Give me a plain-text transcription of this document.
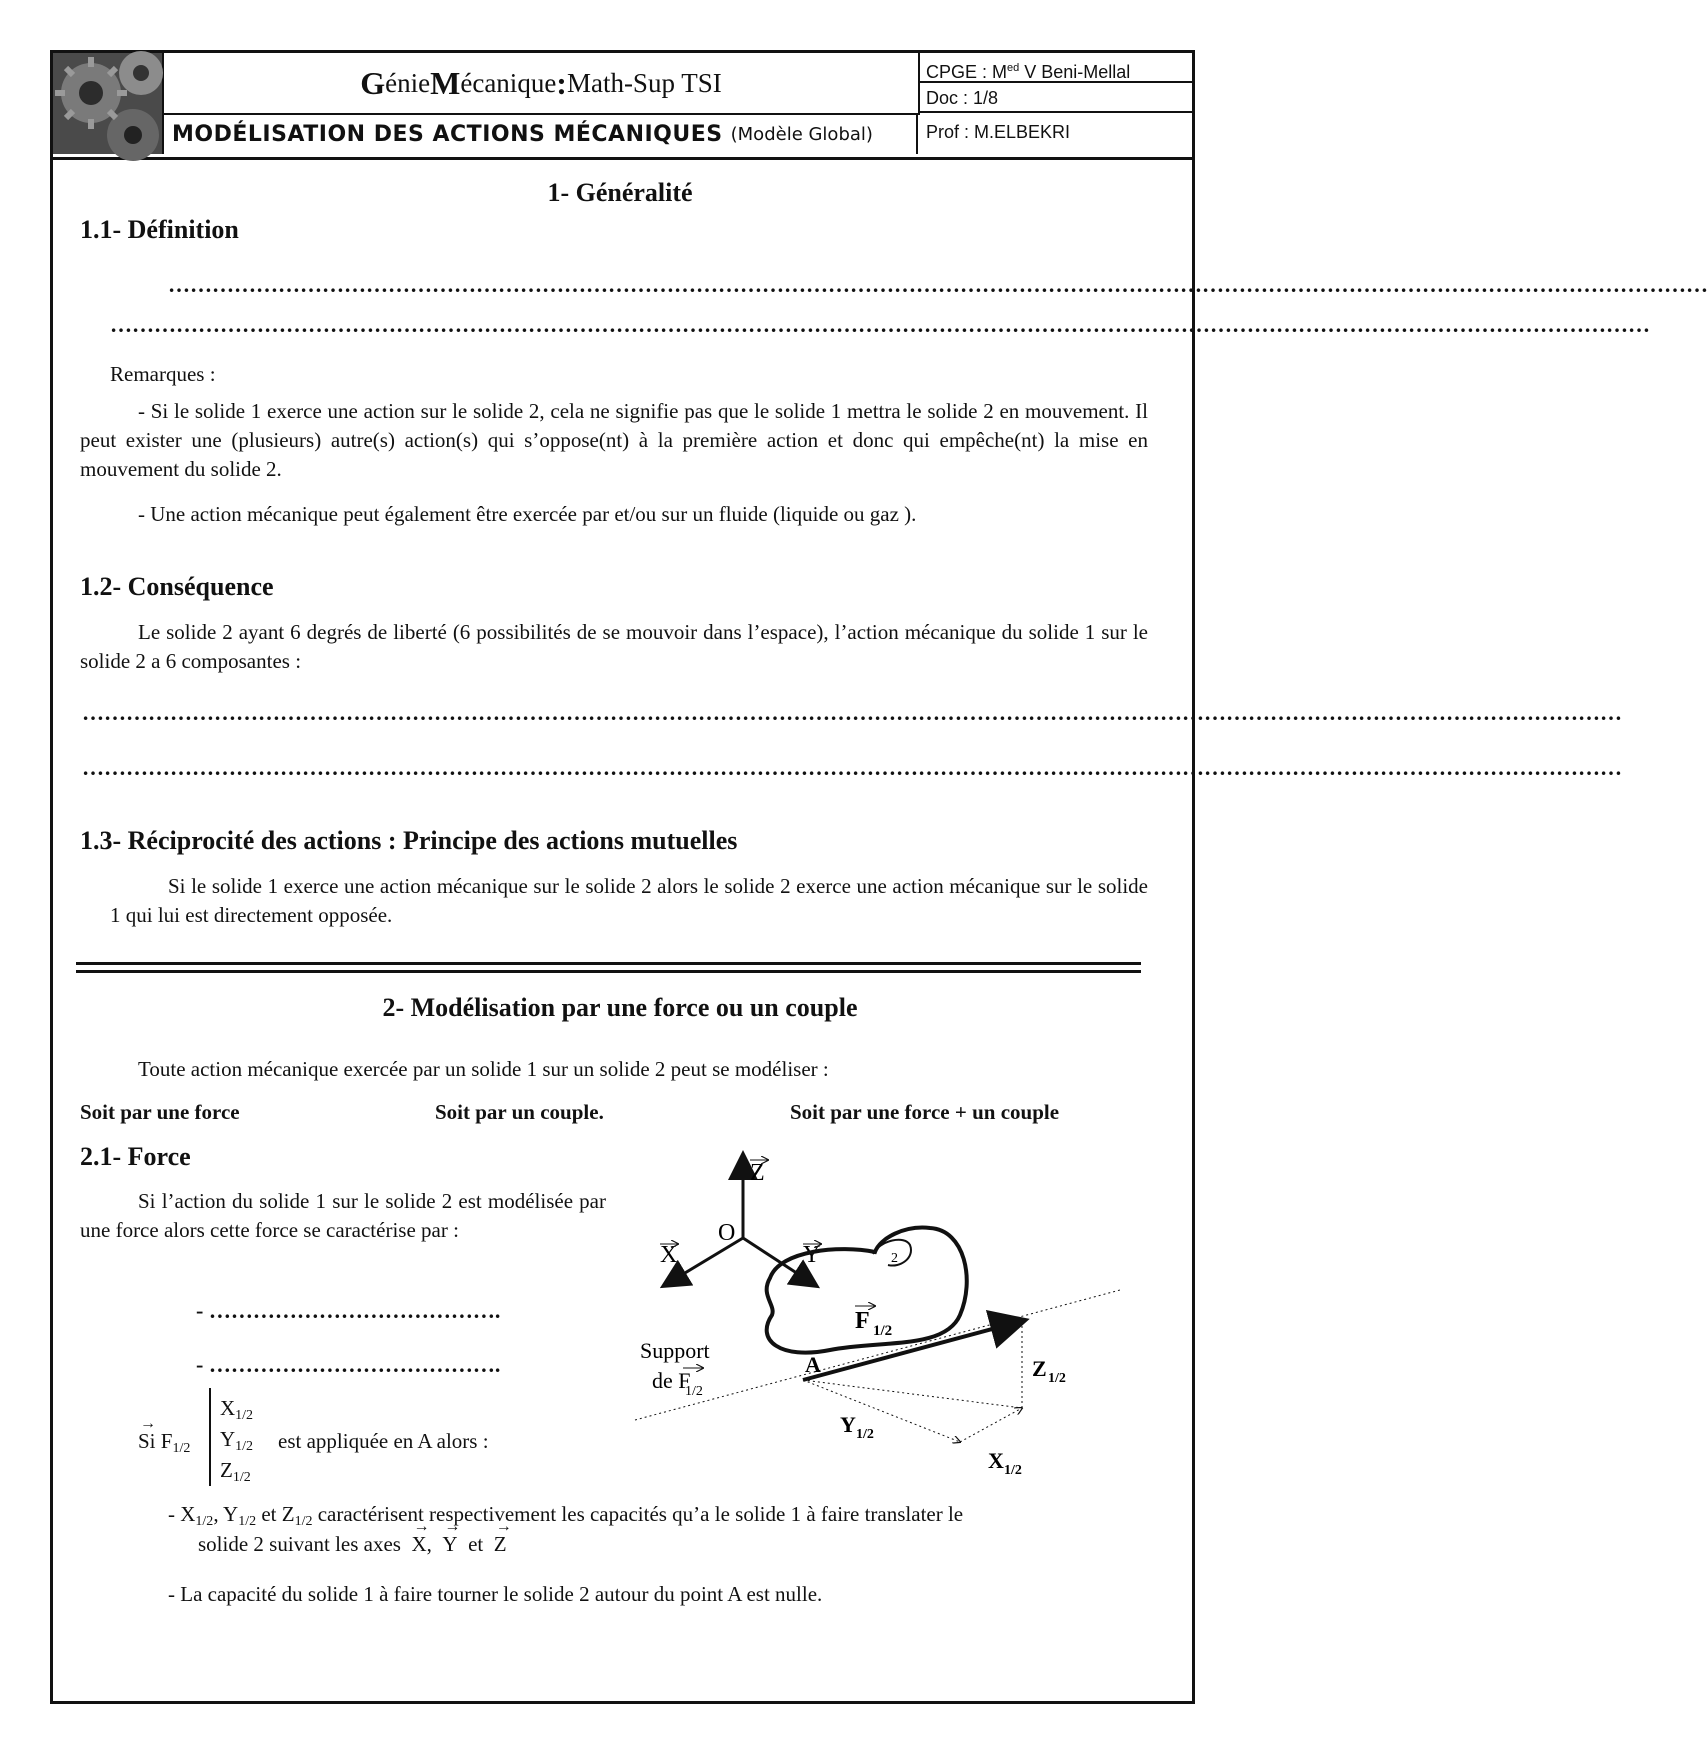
G énie M écanique : Math-Sup TSI
MODÉLISATION DES ACTIONS MÉCANIQUES (Modèle Global)
CPGE : $M^{ed}$ V Beni-Mellal
Doc : 1/8
Prof : M.ELBEKRI
1- Généralité
1.1- Définition
…………………………………………………………………………………………………………………………………………………………………………………………
…………………………………………………………………………………………………………………………………………………………………………………………
Remarques :
- Si le solide 1 exerce une action sur le solide 2, cela ne signifie pas que le solide 1 mettra le solide 2 en mouvement. Il peut exister une (plusieurs) autre(s) action(s) qui s’oppose(nt) à la première action et donc qui empêche(nt) la mise en mouvement du solide 2.
- Une action mécanique peut également être exercée par et/ou sur un fluide (liquide ou gaz ).
1.2- Conséquence
Le solide 2 ayant 6 degrés de liberté (6 possibilités de se mouvoir dans l’espace), l’action mécanique du solide 1 sur le solide 2 a 6 composantes :
…………………………………………………………………………………………………………………………………………………………………………………………
…………………………………………………………………………………………………………………………………………………………………………………………
1.3- Réciprocité des actions : Principe des actions mutuelles
Si le solide 1 exerce une action mécanique sur le solide 2 alors le solide 2 exerce une action mécanique sur le solide 1 qui lui est directement opposée.
2- Modélisation par une force ou un couple
Toute action mécanique exercée par un solide 1 sur un solide 2 peut se modéliser :
Soit par une force	Soit par un couple.	Soit par une force + un couple
2.1- Force
Si l’action du solide 1 sur le solide 2 est modélisée par une force alors cette force se caractérise par :
- ………………………………….
- ………………………………….
→ Si F1/2
X1/2
Y1/2
Z1/2
est appliquée en A alors :
- X1/2, Y1/2 et Z1/2 caractérisent respectivement les capacités qu’a le solide 1 à faire translater le
solide 2 suivant les axes → X,  → Y et → Z
- La capacité du solide 1 à faire tourner le solide 2 autour du point A est nulle.
Z
O
X	Y	2
F 1/2
Support
de F
1/2
A	Z 1/2
Y 1/2
X 1/2
